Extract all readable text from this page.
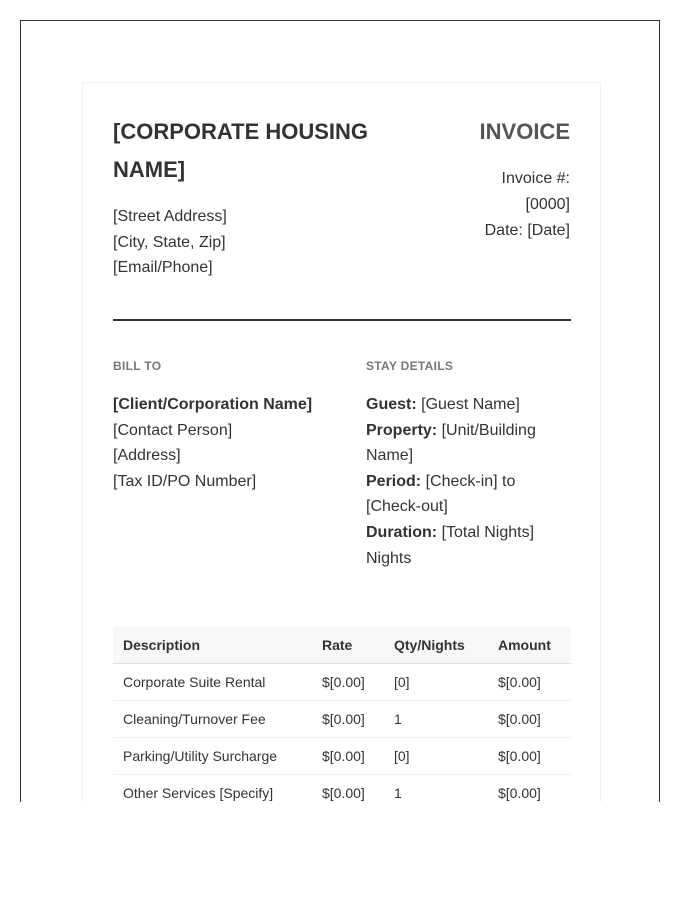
[CORPORATE HOUSING NAME]
[Street Address]
[City, State, Zip]
[Email/Phone]
INVOICE
Invoice #:
[0000]
Date: [Date]
BILL TO	STAY DETAILS
[Client/Corporation Name]
[Contact Person]
[Address]
[Tax ID/PO Number]
Guest: [Guest Name]
Property: [Unit/Building Name]
Period: [Check-in] to [Check-out]
Duration: [Total Nights] Nights
Description	Rate	Qty/Nights	Amount
Corporate Suite Rental	$[0.00]	[0]	$[0.00]
Cleaning/Turnover Fee	$[0.00]	1	$[0.00]
Parking/Utility Surcharge	$[0.00]	[0]	$[0.00]
Other Services [Specify]	$[0.00]	1	$[0.00]
